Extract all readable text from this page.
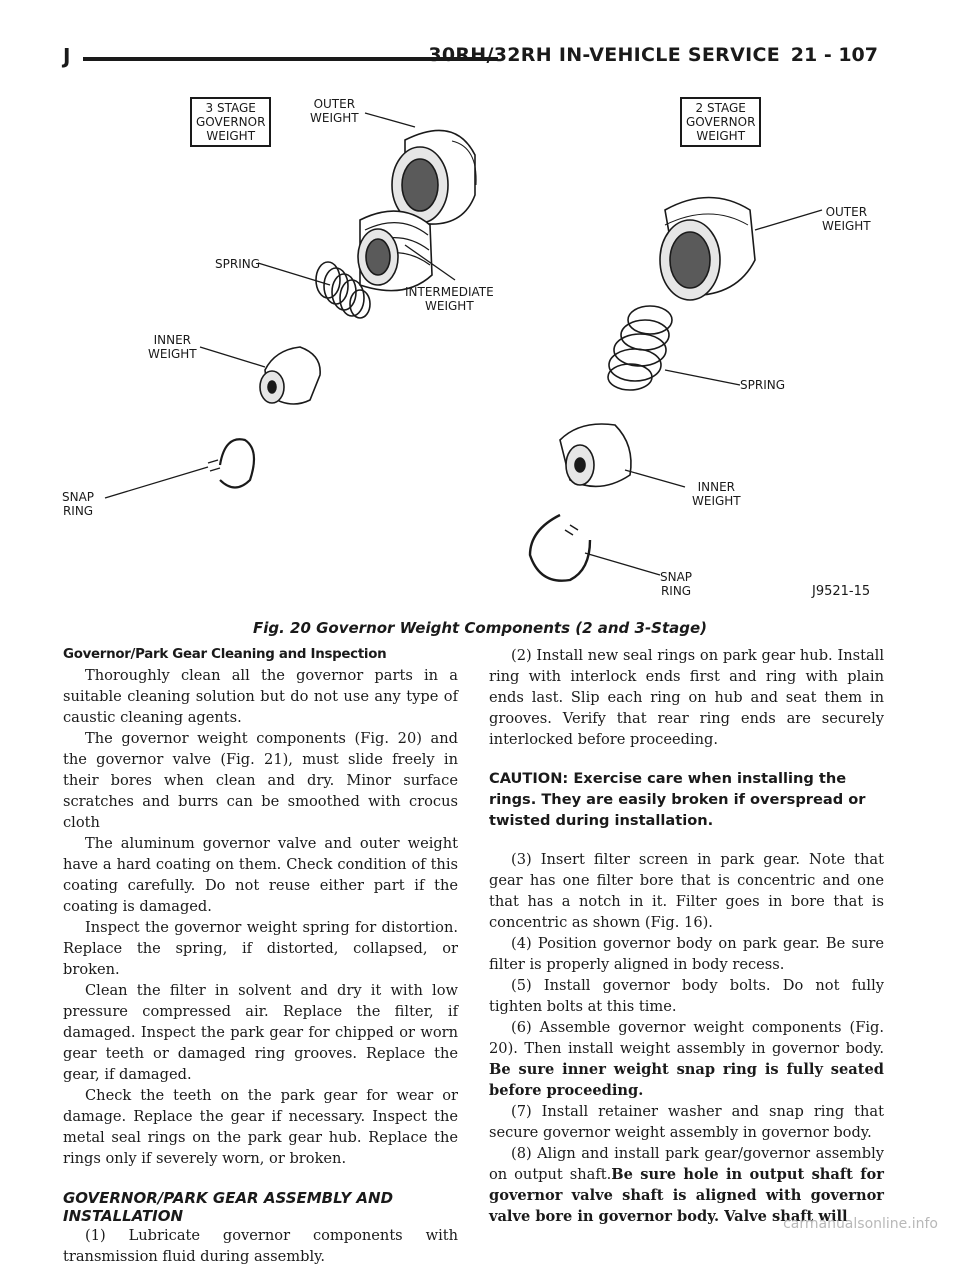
J	30RH/32RH IN-VEHICLE SERVICE 21 - 107
3 STAGE
GOVERNOR
WEIGHT
OUTER
WEIGHT
SPRING
INTERMEDIATE
WEIGHT
INNER
WEIGHT
SNAP
RING
2 STAGE
GOVERNOR
WEIGHT
OUTER
WEIGHT
SPRING
INNER
WEIGHT
SNAP
RING	J9521-15
Fig. 20 Governor Weight Components (2 and 3-Stage)
Governor/Park Gear Cleaning and Inspection

Thoroughly clean all the governor parts in a suitable cleaning solution but do not use any type of caustic cleaning agents.

The governor weight components (Fig. 20) and the governor valve (Fig. 21), must slide freely in their bores when clean and dry. Minor surface scratches and burrs can be smoothed with crocus cloth

The aluminum governor valve and outer weight have a hard coating on them. Check condition of this coating carefully. Do not reuse either part if the coating is damaged.

Inspect the governor weight spring for distortion. Replace the spring, if distorted, collapsed, or broken.

Clean the filter in solvent and dry it with low pressure compressed air. Replace the filter, if damaged. Inspect the park gear for chipped or worn gear teeth or damaged ring grooves. Replace the gear, if damaged.

Check the teeth on the park gear for wear or damage. Replace the gear if necessary. Inspect the metal seal rings on the park gear hub. Replace the rings only if severely worn, or broken.

GOVERNOR/PARK GEAR ASSEMBLY AND INSTALLATION

(1) Lubricate governor components with transmission fluid during assembly.

(2) Install new seal rings on park gear hub. Install ring with interlock ends first and ring with plain ends last. Slip each ring on hub and seat them in grooves. Verify that rear ring ends are securely interlocked before proceeding.

CAUTION: Exercise care when installing the rings. They are easily broken if overspread or twisted during installation.

(3) Insert filter screen in park gear. Note that gear has one filter bore that is concentric and one that has a notch in it. Filter goes in bore that is concentric as shown (Fig. 16).

(4) Position governor body on park gear. Be sure filter is properly aligned in body recess.

(5) Install governor body bolts. Do not fully tighten bolts at this time.

(6) Assemble governor weight components (Fig. 20). Then install weight assembly in governor body. Be sure inner weight snap ring is fully seated before proceeding.

(7) Install retainer washer and snap ring that secure governor weight assembly in governor body.

(8) Align and install park gear/governor assembly on output shaft.Be sure hole in output shaft for governor valve shaft is aligned with governor valve bore in governor body. Valve shaft will

carmanualsonline.info
